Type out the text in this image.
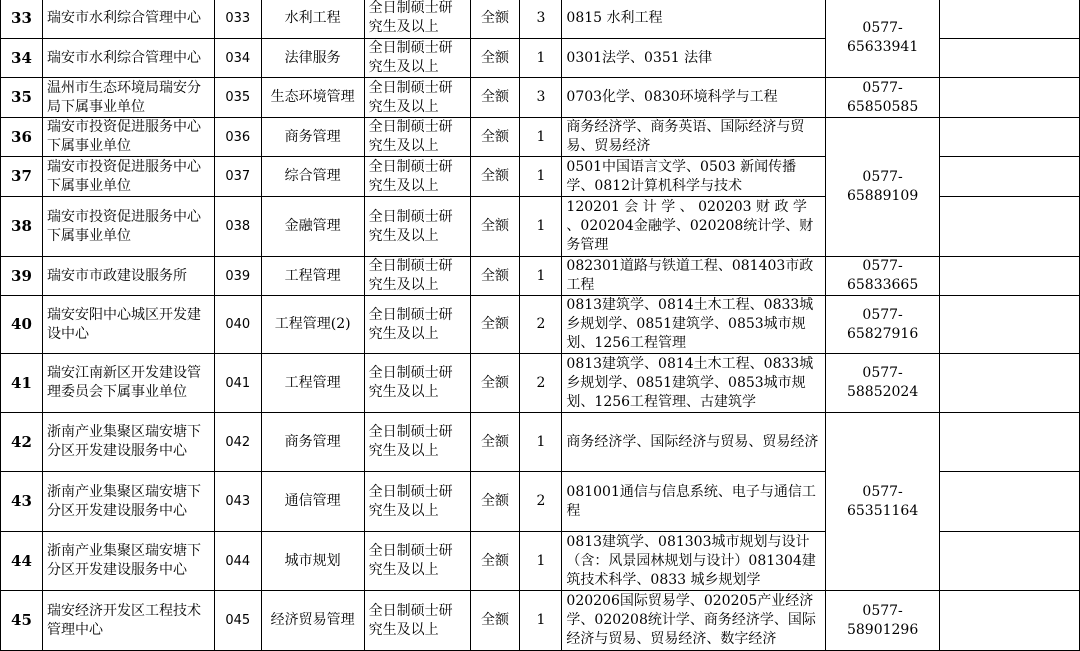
33	瑞安市水利综合管理中心	033	水利工程	全日制硕士研究生及以上	全额	3	0815 水利工程	0577-65633941	
34	瑞安市水利综合管理中心	034	法律服务	全日制硕士研究生及以上	全额	1	0301法学、0351 法律		
35	温州市生态环境局瑞安分局下属事业单位	035	生态环境管理	全日制硕士研究生及以上	全额	3	0703化学、0830环境科学与工程	0577-65850585	
36	瑞安市投资促进服务中心下属事业单位	036	商务管理	全日制硕士研究生及以上	全额	1	商务经济学、商务英语、国际经济与贸易、贸易经济	0577-65889109	
37	瑞安市投资促进服务中心下属事业单位	037	综合管理	全日制硕士研究生及以上	全额	1	0501中国语言文学、0503 新闻传播学、0812计算机科学与技术		
38	瑞安市投资促进服务中心下属事业单位	038	金融管理	全日制硕士研究生及以上	全额	1	120201 会 计 学 、 020203 财 政 学 、020204金融学、020208统计学、财务管理		
39	瑞安市市政建设服务所	039	工程管理	全日制硕士研究生及以上	全额	1	082301道路与铁道工程、081403市政工程	0577-65833665	
40	瑞安安阳中心城区开发建设中心	040	工程管理(2)	全日制硕士研究生及以上	全额	2	0813建筑学、0814土木工程、0833城乡规划学、0851建筑学、0853城市规划、1256工程管理	0577-65827916	
41	瑞安江南新区开发建设管理委员会下属事业单位	041	工程管理	全日制硕士研究生及以上	全额	2	0813建筑学、0814土木工程、0833城乡规划学、0851建筑学、0853城市规划、1256工程管理、古建筑学	0577-58852024	
42	浙南产业集聚区瑞安塘下分区开发建设服务中心	042	商务管理	全日制硕士研究生及以上	全额	1	商务经济学、国际经济与贸易、贸易经济	0577-65351164	
43	浙南产业集聚区瑞安塘下分区开发建设服务中心	043	通信管理	全日制硕士研究生及以上	全额	2	081001通信与信息系统、电子与通信工程		
44	浙南产业集聚区瑞安塘下分区开发建设服务中心	044	城市规划	全日制硕士研究生及以上	全额	1	0813建筑学、081303城市规划与设计（含：风景园林规划与设计）081304建筑技术科学、0833 城乡规划学		
45	瑞安经济开发区工程技术管理中心	045	经济贸易管理	全日制硕士研究生及以上	全额	1	020206国际贸易学、020205产业经济学、020208统计学、商务经济学、国际经济与贸易、贸易经济、数字经济	0577-58901296	
